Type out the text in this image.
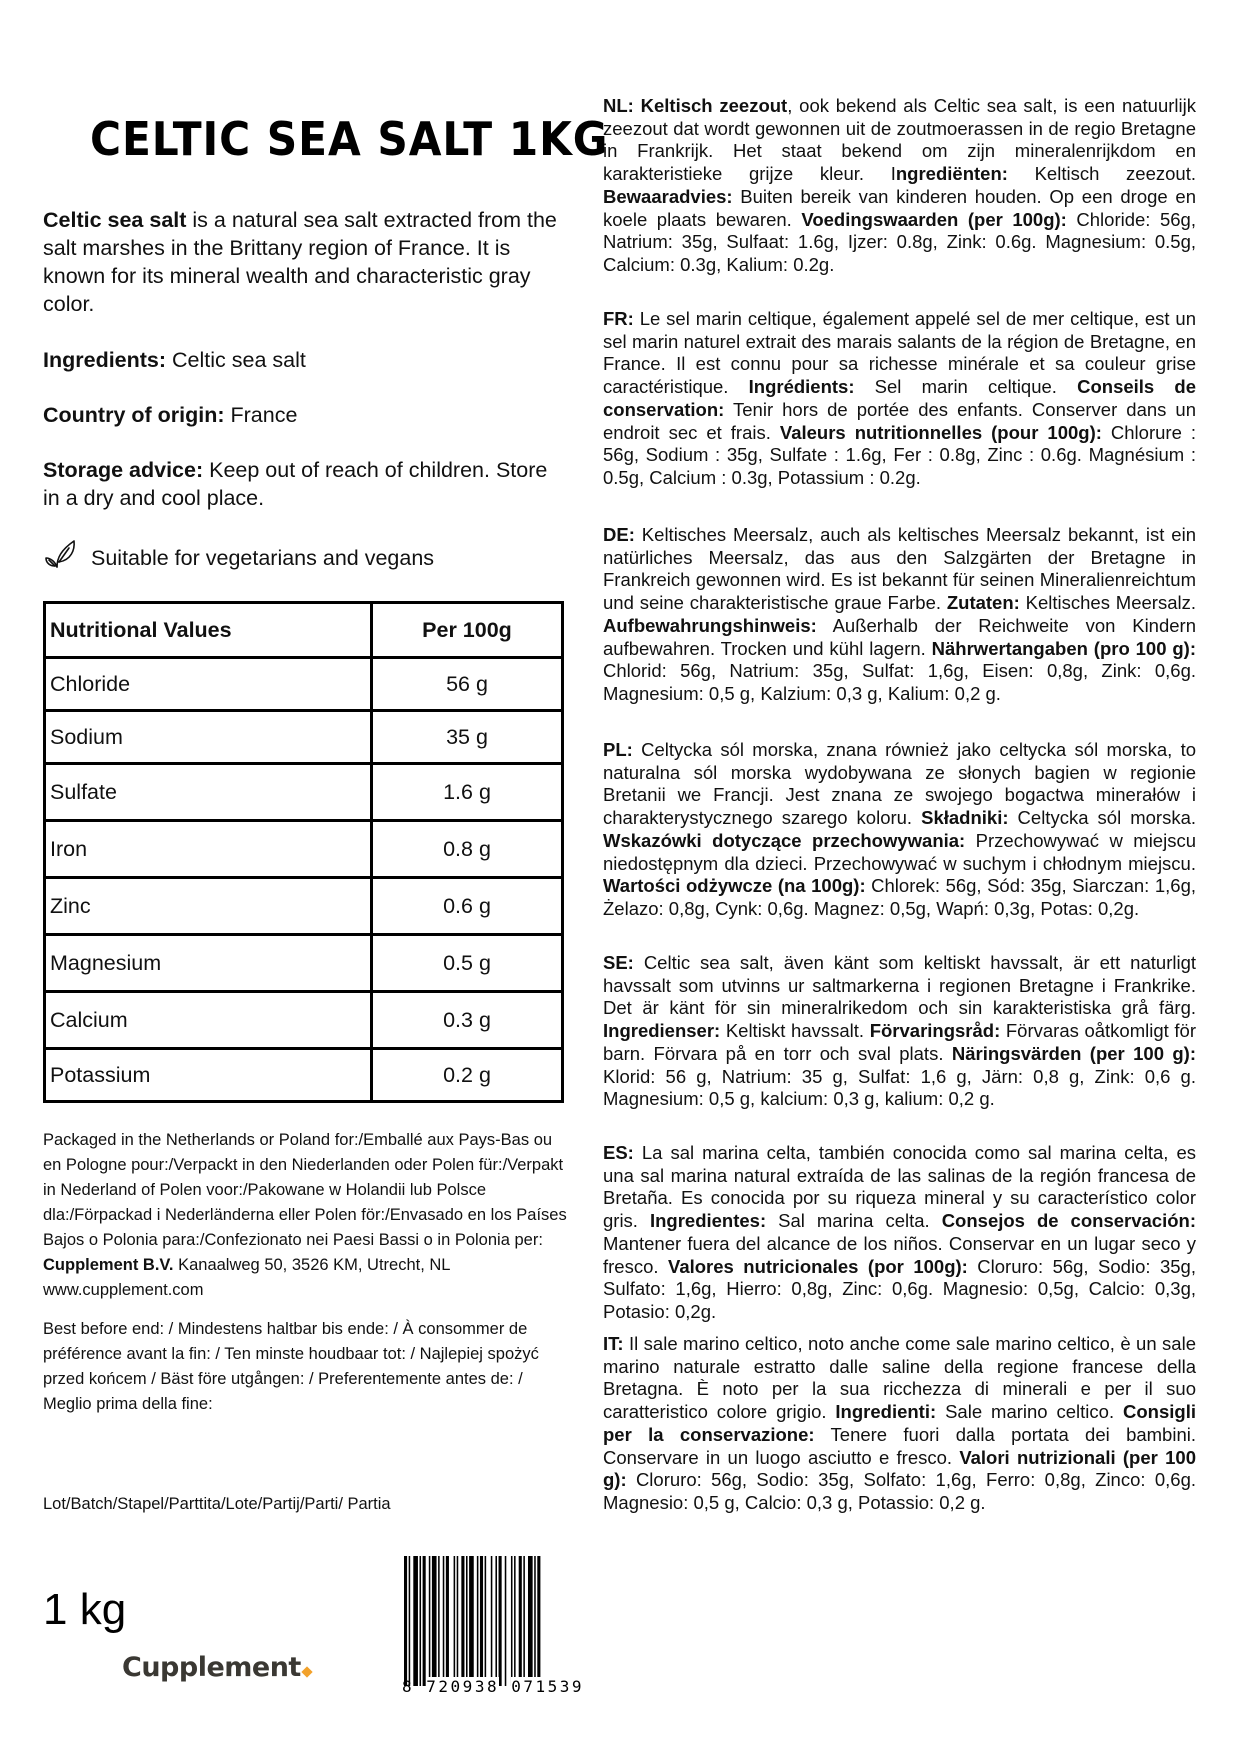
CELTIC SEA SALT 1KG
Celtic sea salt is a natural sea salt extracted from the salt marshes in the Brittany region of France. It is known for its mineral wealth and characteristic gray color.
Ingredients: Celtic sea salt
Country of origin: France
Storage advice: Keep out of reach of children. Store in a dry and cool place.
Suitable for vegetarians and vegans
Nutritional Values	Per 100g
Chloride	56 g
Sodium	35 g
Sulfate	1.6 g
Iron	0.8 g
Zinc	0.6 g
Magnesium	0.5 g
Calcium	0.3 g
Potassium	0.2 g
Packaged in the Netherlands or Poland for:/Emballé aux Pays-Bas ou en Pologne pour:/Verpackt in den Niederlanden oder Polen für:/Verpakt in Nederland of Polen voor:/Pakowane w Holandii lub Polsce dla:/Förpackad i Nederländerna eller Polen för:/Envasado en los Países Bajos o Polonia para:/Confezionato nei Paesi Bassi o in Polonia per: Cupplement B.V. Kanaalweg 50, 3526 KM, Utrecht, NL www.cupplement.com
Best before end: / Mindestens haltbar bis ende: / À consommer de préférence avant la fin: / Ten minste houdbaar tot: / Najlepiej spożyć przed końcem / Bäst före utgången: / Preferentemente antes de: / Meglio prima della fine:
Lot/Batch/Stapel/Parttita/Lote/Partij/Parti/ Partia
1 kg
Cupplement
8 720938 071539

NL: Keltisch zeezout, ook bekend als Celtic sea salt, is een natuurlijk zeezout dat wordt gewonnen uit de zoutmoerassen in de regio Bretagne in Frankrijk. Het staat bekend om zijn mineralenrijkdom en karakteristieke grijze kleur. Ingrediënten: Keltisch zeezout. Bewaaradvies: Buiten bereik van kinderen houden. Op een droge en koele plaats bewaren. Voedingswaarden (per 100g): Chloride: 56g, Natrium: 35g, Sulfaat: 1.6g, Ijzer: 0.8g, Zink: 0.6g. Magnesium: 0.5g, Calcium: 0.3g, Kalium: 0.2g.

FR: Le sel marin celtique, également appelé sel de mer celtique, est un sel marin naturel extrait des marais salants de la région de Bretagne, en France. Il est connu pour sa richesse minérale et sa couleur grise caractéristique. Ingrédients: Sel marin celtique. Conseils de conservation: Tenir hors de portée des enfants. Conserver dans un endroit sec et frais. Valeurs nutritionnelles (pour 100g): Chlorure : 56g, Sodium : 35g, Sulfate : 1.6g, Fer : 0.8g, Zinc : 0.6g. Magnésium : 0.5g, Calcium : 0.3g, Potassium : 0.2g.

DE: Keltisches Meersalz, auch als keltisches Meersalz bekannt, ist ein natürliches Meersalz, das aus den Salzgärten der Bretagne in Frankreich gewonnen wird. Es ist bekannt für seinen Mineralienreichtum und seine charakteristische graue Farbe. Zutaten: Keltisches Meersalz. Aufbewahrungshinweis: Außerhalb der Reichweite von Kindern aufbewahren. Trocken und kühl lagern. Nährwertangaben (pro 100 g): Chlorid: 56g, Natrium: 35g, Sulfat: 1,6g, Eisen: 0,8g, Zink: 0,6g. Magnesium: 0,5 g, Kalzium: 0,3 g, Kalium: 0,2 g.

PL: Celtycka sól morska, znana również jako celtycka sól morska, to naturalna sól morska wydobywana ze słonych bagien w regionie Bretanii we Francji. Jest znana ze swojego bogactwa minerałów i charakterystycznego szarego koloru. Składniki: Celtycka sól morska. Wskazówki dotyczące przechowywania: Przechowywać w miejscu niedostępnym dla dzieci. Przechowywać w suchym i chłodnym miejscu. Wartości odżywcze (na 100g): Chlorek: 56g, Sód: 35g, Siarczan: 1,6g, Żelazo: 0,8g, Cynk: 0,6g. Magnez: 0,5g, Wapń: 0,3g, Potas: 0,2g.

SE: Celtic sea salt, även känt som keltiskt havssalt, är ett naturligt havssalt som utvinns ur saltmarkerna i regionen Bretagne i Frankrike. Det är känt för sin mineralrikedom och sin karakteristiska grå färg. Ingredienser: Keltiskt havssalt. Förvaringsråd: Förvaras oåtkomligt för barn. Förvara på en torr och sval plats. Näringsvärden (per 100 g): Klorid: 56 g, Natrium: 35 g, Sulfat: 1,6 g, Järn: 0,8 g, Zink: 0,6 g. Magnesium: 0,5 g, kalcium: 0,3 g, kalium: 0,2 g.

ES: La sal marina celta, también conocida como sal marina celta, es una sal marina natural extraída de las salinas de la región francesa de Bretaña. Es conocida por su riqueza mineral y su característico color gris. Ingredientes: Sal marina celta. Consejos de conservación: Mantener fuera del alcance de los niños. Conservar en un lugar seco y fresco. Valores nutricionales (por 100g): Cloruro: 56g, Sodio: 35g, Sulfato: 1,6g, Hierro: 0,8g, Zinc: 0,6g. Magnesio: 0,5g, Calcio: 0,3g, Potasio: 0,2g.

IT: Il sale marino celtico, noto anche come sale marino celtico, è un sale marino naturale estratto dalle saline della regione francese della Bretagna. È noto per la sua ricchezza di minerali e per il suo caratteristico colore grigio. Ingredienti: Sale marino celtico. Consigli per la conservazione: Tenere fuori dalla portata dei bambini. Conservare in un luogo asciutto e fresco. Valori nutrizionali (per 100 g): Cloruro: 56g, Sodio: 35g, Solfato: 1,6g, Ferro: 0,8g, Zinco: 0,6g. Magnesio: 0,5 g, Calcio: 0,3 g, Potassio: 0,2 g.
